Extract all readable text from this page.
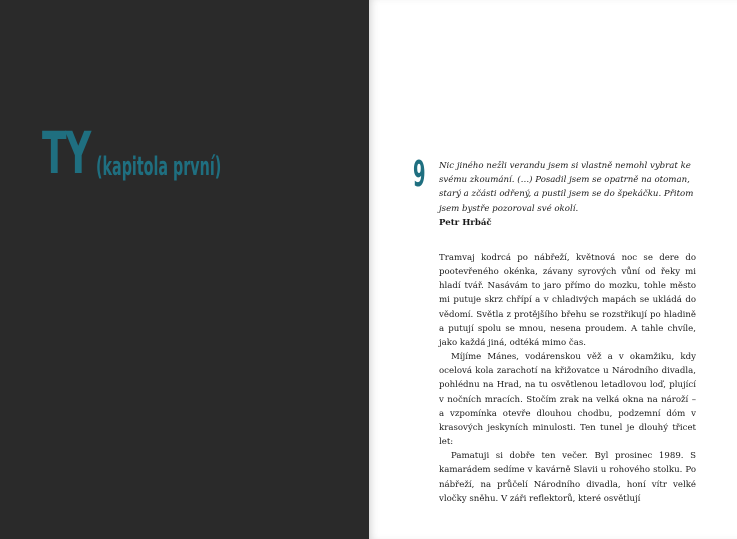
TY (kapitola první)	9 Nic jiného nežli verandu jsem si vlastně nemohl vybrat ke svému zkoumání. (…) Posadil jsem se opatrně na otoman, starý a zčásti odřený, a pustil jsem se do špekáčku. Přitom jsem bystře pozoroval své okolí.
Petr Hrbáč

Tramvaj kodrcá po nábřeží, květnová noc se dere do pootevřeného okénka, závany syrových vůní od řeky mi hladí tvář. Nasávám to jaro přímo do mozku, tohle město mi putuje skrz chřípí a v chladivých mapách se ukládá do vědomí. Světla z protějšího břehu se rozstřikují po hladině a putují spolu se mnou, nesena proudem. A tahle chvíle, jako každá jiná, odtéká mimo čas.

Míjíme Mánes, vodárenskou věž a v okamžiku, kdy ocelová kola zarachotí na křižovatce u Národního divadla, pohlédnu na Hrad, na tu osvětlenou letadlovou loď, plující v nočních mracích. Stočím zrak na velká okna na nároží – a vzpomínka otevře dlouhou chodbu, podzemní dóm v krasových jeskyních minulosti. Ten tunel je dlouhý třicet let:

Pamatuji si dobře ten večer. Byl prosinec 1989. S kamarádem sedíme v kavárně Slavii u rohového stolku. Po nábřeží, na průčelí Národního divadla, honí vítr velké vločky sněhu. V záři reflektorů, které osvětlují
